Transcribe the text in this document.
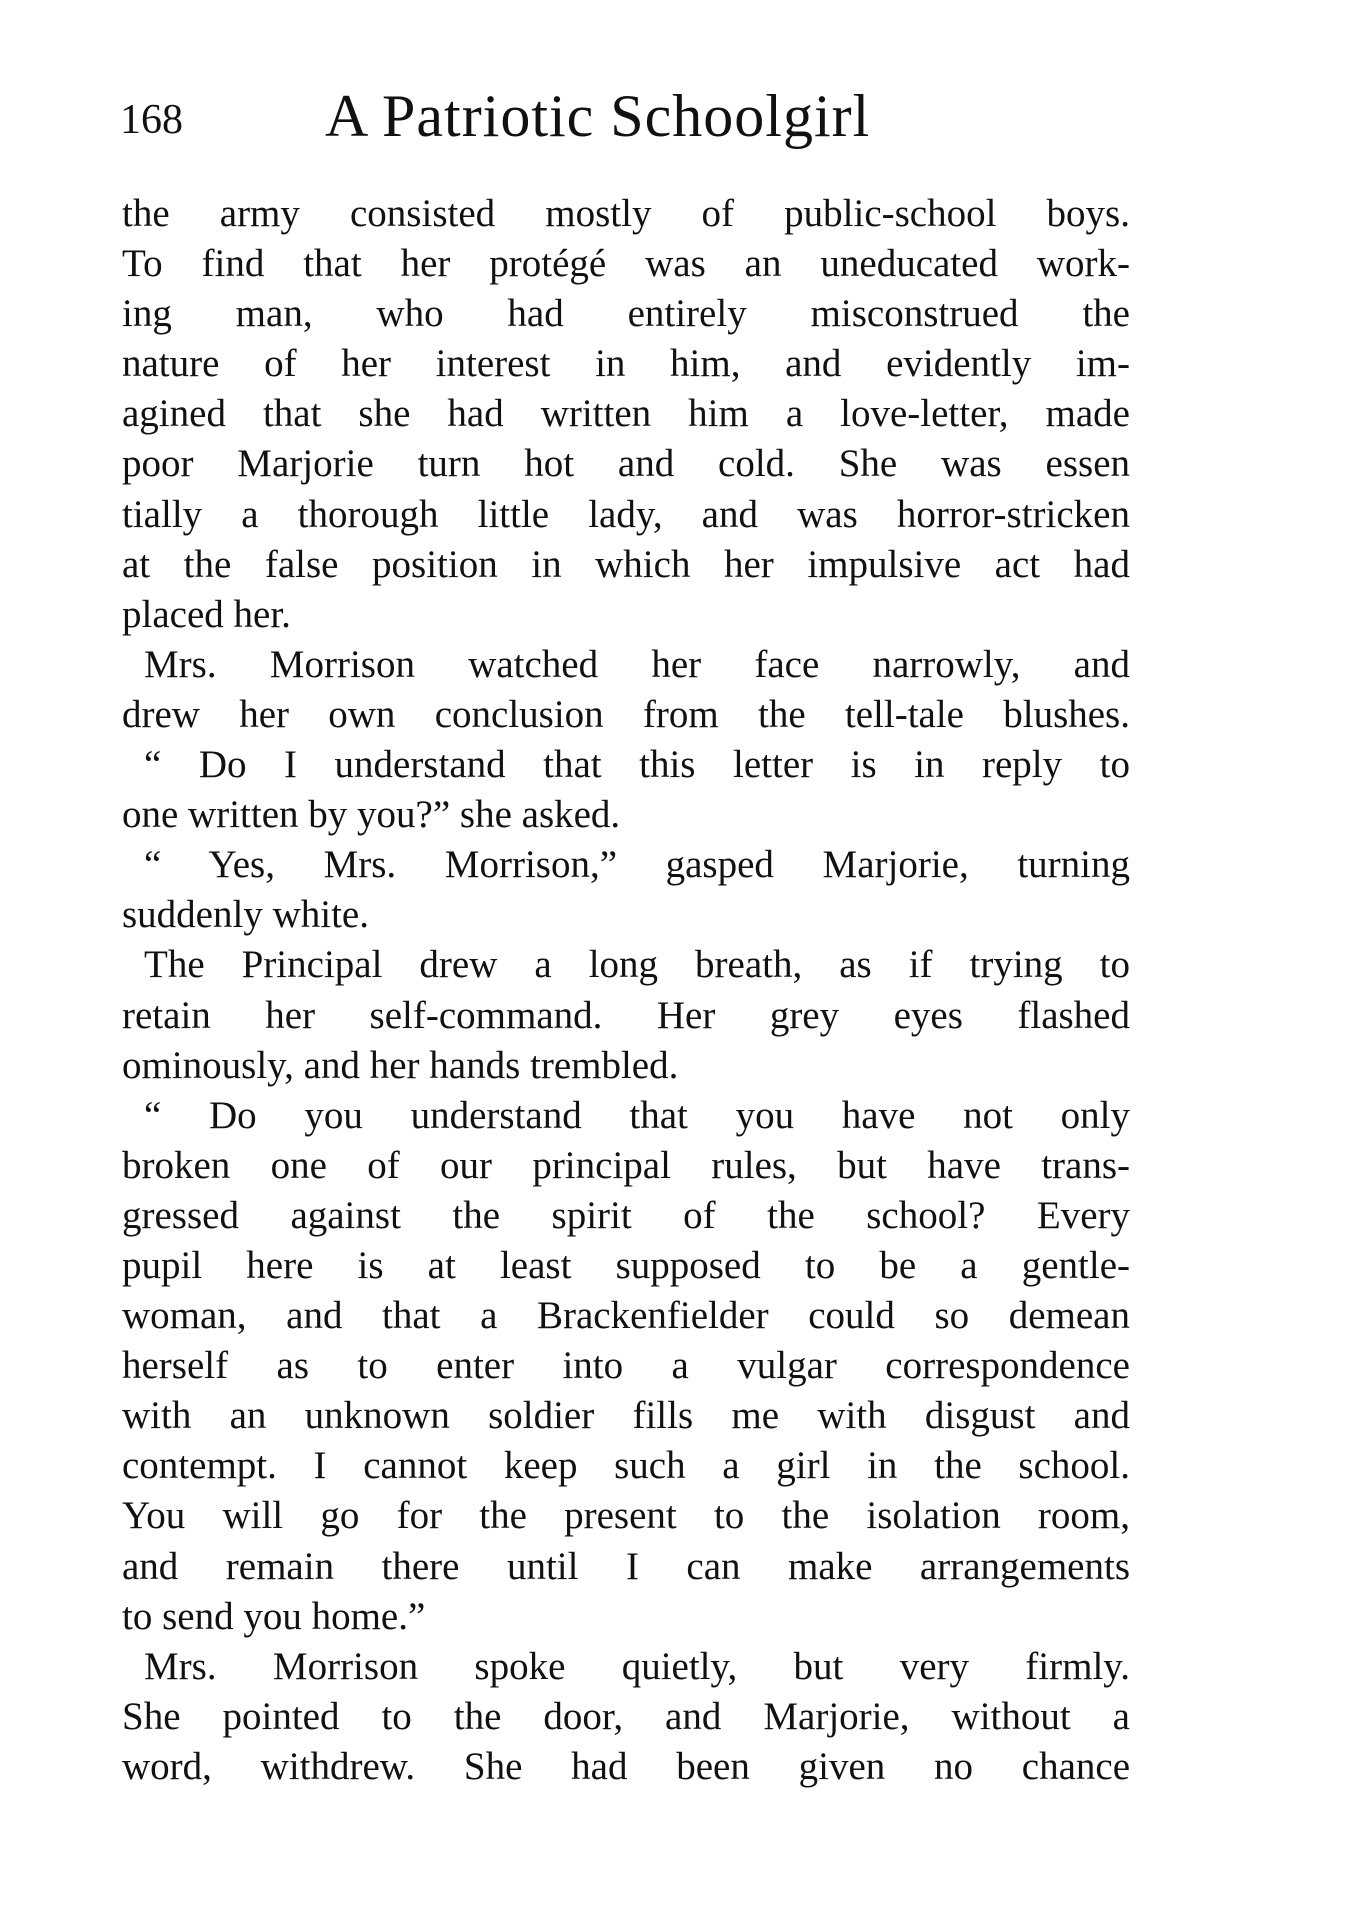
168 A Patriotic Schoolgirl
the army consisted mostly of public-school boys.
To find that her protégé was an uneducated work-
ing man, who had entirely misconstrued the
nature of her interest in him, and evidently im-
agined that she had written him a love-letter, made
poor Marjorie turn hot and cold. She was essen
tially a thorough little lady, and was horror-stricken
at the false position in which her impulsive act had
placed her.
Mrs. Morrison watched her face narrowly, and
drew her own conclusion from the tell-tale blushes.
“ Do I understand that this letter is in reply to
one written by you?” she asked.
“ Yes, Mrs. Morrison,” gasped Marjorie, turning
suddenly white.
The Principal drew a long breath, as if trying to
retain her self-command. Her grey eyes flashed
ominously, and her hands trembled.
“ Do you understand that you have not only
broken one of our principal rules, but have trans-
gressed against the spirit of the school? Every
pupil here is at least supposed to be a gentle-
woman, and that a Brackenfielder could so demean
herself as to enter into a vulgar correspondence
with an unknown soldier fills me with disgust and
contempt. I cannot keep such a girl in the school.
You will go for the present to the isolation room,
and remain there until I can make arrangements
to send you home.”
Mrs. Morrison spoke quietly, but very firmly.
She pointed to the door, and Marjorie, without a
word, withdrew. She had been given no chance
